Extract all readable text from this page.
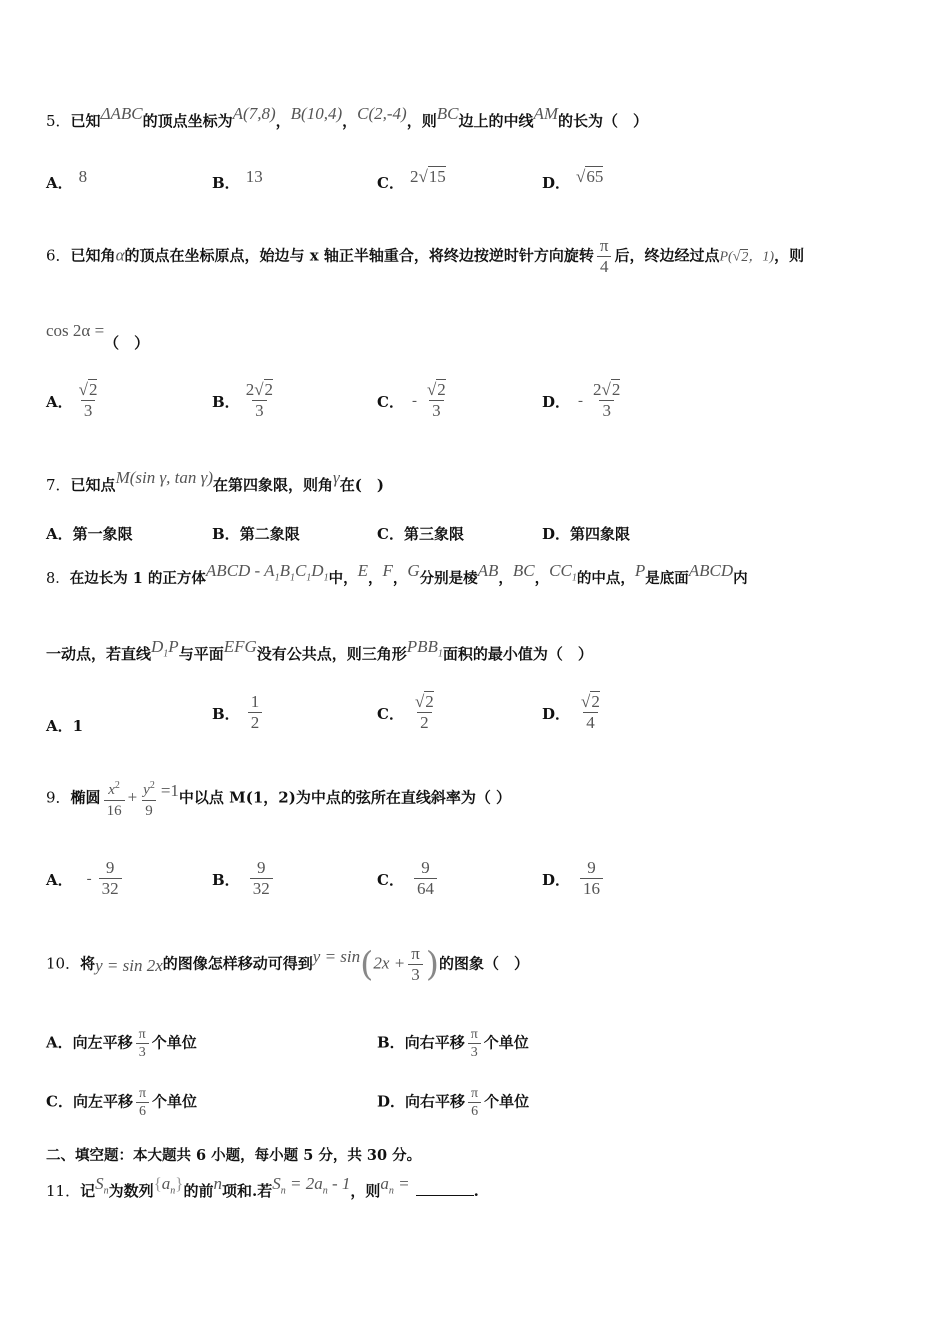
5．已知ΔABC的顶点坐标为A(7,8)，B(10,4)，C(2,-4)，则BC边上的中线AM的长为（　）
A． 8	B． 13	C． 2√15	D． √65
6．已知角α的顶点在坐标原点，始边与 x 轴正半轴重合，将终边按逆时针方向旋转 $\frac{\pi}{4}$ 后，终边经过点P(√2，1)，则
cos 2α =（　）
A． $\frac{√2}{3}$	B． $\frac{2√2}{3}$	C． - $\frac{√2}{3}$	D． - $\frac{2√2}{3}$
7．已知点M(sin γ, tan γ)在第四象限，则角γ在(　)
A．第一象限	B．第二象限	C．第三象限	D．第四象限
8．在边长为 1 的正方体ABCD - $A_1B_1C_1D_1$中，E，F，G分别是棱AB，BC，$CC_1$的中点，P是底面ABCD内
一动点，若直线$D_1P$与平面EFG没有公共点，则三角形$PBB_1$面积的最小值为（　）
A．1
B． $\frac{1}{2}$	C． $\frac{√2}{2}$	D． $\frac{√2}{4}$
9．椭圆 $\frac{x^2}{16} + \frac{y^2}{9} =1$中以点 M(1，2)为中点的弦所在直线斜率为（ ）
A． - $\frac{9}{32}$	B． $\frac{9}{32}$	C． $\frac{9}{64}$	D． $\frac{9}{16}$
10．将y = sin 2x的图像怎样移动可得到$y = \sin(2x + \frac{\pi}{3}$ )的图象（　）
A．向左平移 $\frac{\pi}{3}$ 个单位	B．向右平移 $\frac{\pi}{3}$ 个单位
C．向左平移 $\frac{\pi}{6}$ 个单位	D．向右平移 $\frac{\pi}{6}$ 个单位
二、填空题：本大题共 6 小题，每小题 5 分，共 30 分。
11．记$S_n$为数列$\{a_n\}$的前n项和.若$S_n = 2a_n - 1$，则$a_n$ =	.
